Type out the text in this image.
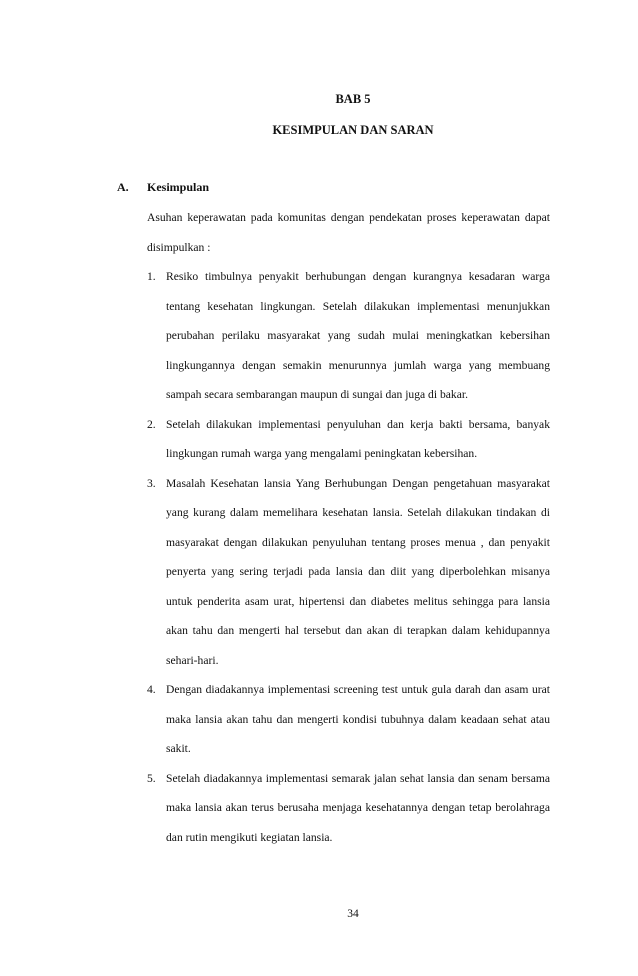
BAB 5
KESIMPULAN DAN SARAN
A. Kesimpulan
Asuhan keperawatan pada komunitas dengan pendekatan proses keperawatan dapat disimpulkan :
1. Resiko timbulnya penyakit berhubungan dengan kurangnya kesadaran warga tentang kesehatan lingkungan. Setelah dilakukan implementasi menunjukkan perubahan perilaku masyarakat yang sudah mulai meningkatkan kebersihan lingkungannya dengan semakin menurunnya jumlah warga yang membuang sampah secara sembarangan maupun di sungai dan juga di bakar.
2. Setelah dilakukan implementasi penyuluhan dan kerja bakti bersama, banyak lingkungan rumah warga yang mengalami peningkatan kebersihan.
3. Masalah Kesehatan lansia Yang Berhubungan Dengan pengetahuan masyarakat yang kurang dalam memelihara kesehatan lansia. Setelah dilakukan tindakan di masyarakat dengan dilakukan penyuluhan tentang proses menua , dan penyakit penyerta yang sering terjadi pada lansia dan diit yang diperbolehkan misanya untuk penderita asam urat, hipertensi dan diabetes melitus sehingga para lansia akan tahu dan mengerti hal tersebut dan akan di terapkan dalam kehidupannya sehari-hari.
4. Dengan diadakannya implementasi screening test untuk gula darah dan asam urat maka lansia akan tahu dan mengerti kondisi tubuhnya dalam keadaan sehat atau sakit.
5. Setelah diadakannya implementasi semarak jalan sehat lansia dan senam bersama maka lansia akan terus berusaha menjaga kesehatannya dengan tetap berolahraga dan rutin mengikuti kegiatan lansia.
34
